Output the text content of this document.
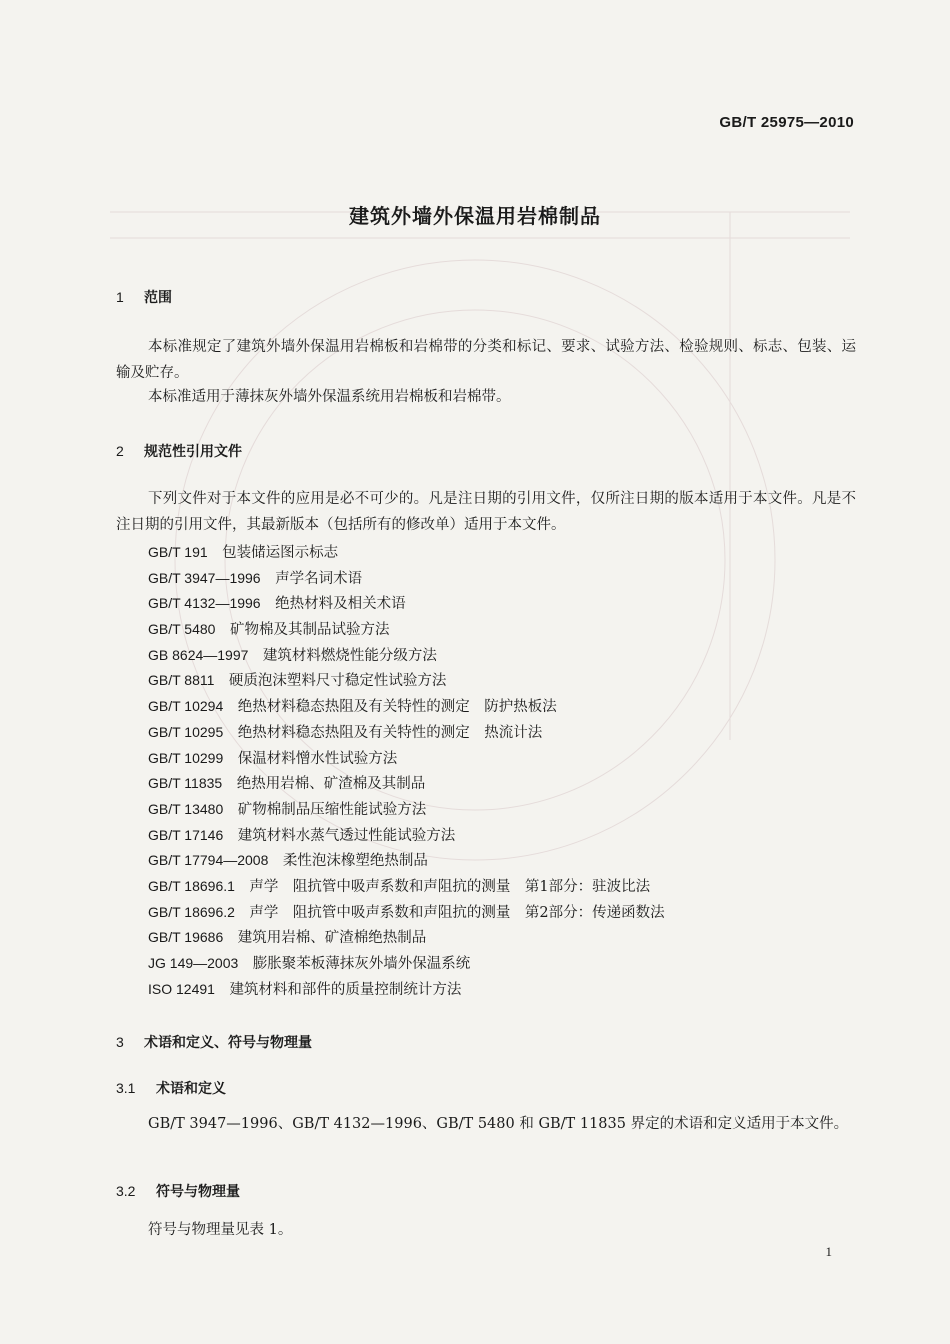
GB/T 25975—2010
建筑外墙外保温用岩棉制品
1 范围
本标准规定了建筑外墙外保温用岩棉板和岩棉带的分类和标记、要求、试验方法、检验规则、标志、包装、运输及贮存。
本标准适用于薄抹灰外墙外保温系统用岩棉板和岩棉带。
2 规范性引用文件
下列文件对于本文件的应用是必不可少的。凡是注日期的引用文件，仅所注日期的版本适用于本文件。凡是不注日期的引用文件，其最新版本（包括所有的修改单）适用于本文件。
GB/T 191　 包装储运图示标志
GB/T 3947—1996　 声学名词术语
GB/T 4132—1996　 绝热材料及相关术语
GB/T 5480　 矿物棉及其制品试验方法
GB 8624—1997　 建筑材料燃烧性能分级方法
GB/T 8811　 硬质泡沫塑料尺寸稳定性试验方法
GB/T 10294　 绝热材料稳态热阻及有关特性的测定　防护热板法
GB/T 10295　 绝热材料稳态热阻及有关特性的测定　热流计法
GB/T 10299　 保温材料憎水性试验方法
GB/T 11835　 绝热用岩棉、矿渣棉及其制品
GB/T 13480　 矿物棉制品压缩性能试验方法
GB/T 17146　 建筑材料水蒸气透过性能试验方法
GB/T 17794—2008　 柔性泡沫橡塑绝热制品
GB/T 18696.1　 声学　阻抗管中吸声系数和声阻抗的测量　第1部分：驻波比法
GB/T 18696.2　 声学　阻抗管中吸声系数和声阻抗的测量　第2部分：传递函数法
GB/T 19686　 建筑用岩棉、矿渣棉绝热制品
JG 149—2003　 膨胀聚苯板薄抹灰外墙外保温系统
ISO 12491　 建筑材料和部件的质量控制统计方法
3 术语和定义、符号与物理量
3.1 术语和定义
GB/T 3947—1996、GB/T 4132—1996、GB/T 5480 和 GB/T 11835 界定的术语和定义适用于本文件。
3.2 符号与物理量
符号与物理量见表 1。
1
